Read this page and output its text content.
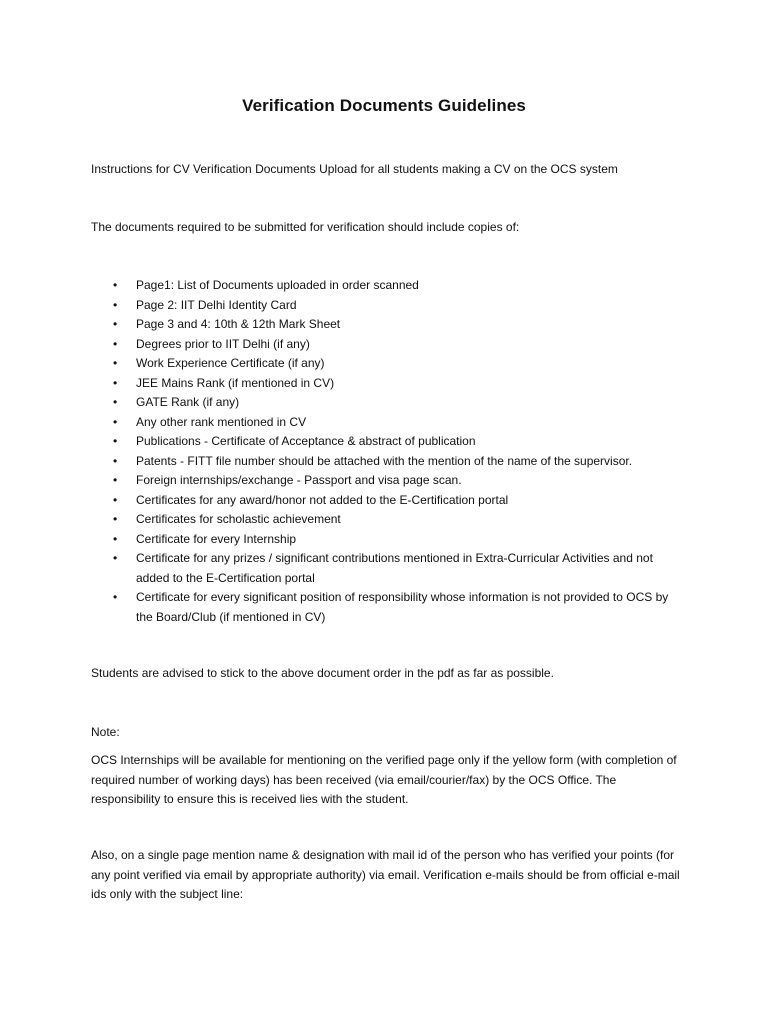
Verification Documents Guidelines
Instructions for CV Verification Documents Upload for all students making a CV on the OCS system
The documents required to be submitted for verification should include copies of:
• Page1: List of Documents uploaded in order scanned
• Page 2: IIT Delhi Identity Card
• Page 3 and 4: 10th & 12th Mark Sheet
• Degrees prior to IIT Delhi (if any)
• Work Experience Certificate (if any)
• JEE Mains Rank (if mentioned in CV)
• GATE Rank (if any)
• Any other rank mentioned in CV
• Publications - Certificate of Acceptance & abstract of publication
• Patents - FITT file number should be attached with the mention of the name of the supervisor.
• Foreign internships/exchange - Passport and visa page scan.
• Certificates for any award/honor not added to the E-Certification portal
• Certificates for scholastic achievement
• Certificate for every Internship
• Certificate for any prizes / significant contributions mentioned in Extra-Curricular Activities and not added to the E-Certification portal
• Certificate for every significant position of responsibility whose information is not provided to OCS by the Board/Club (if mentioned in CV)
Students are advised to stick to the above document order in the pdf as far as possible.
Note:
OCS Internships will be available for mentioning on the verified page only if the yellow form (with completion of required number of working days) has been received (via email/courier/fax) by the OCS Office. The responsibility to ensure this is received lies with the student.
Also, on a single page mention name & designation with mail id of the person who has verified your points (for any point verified via email by appropriate authority) via email. Verification e-mails should be from official e-mail ids only with the subject line:
